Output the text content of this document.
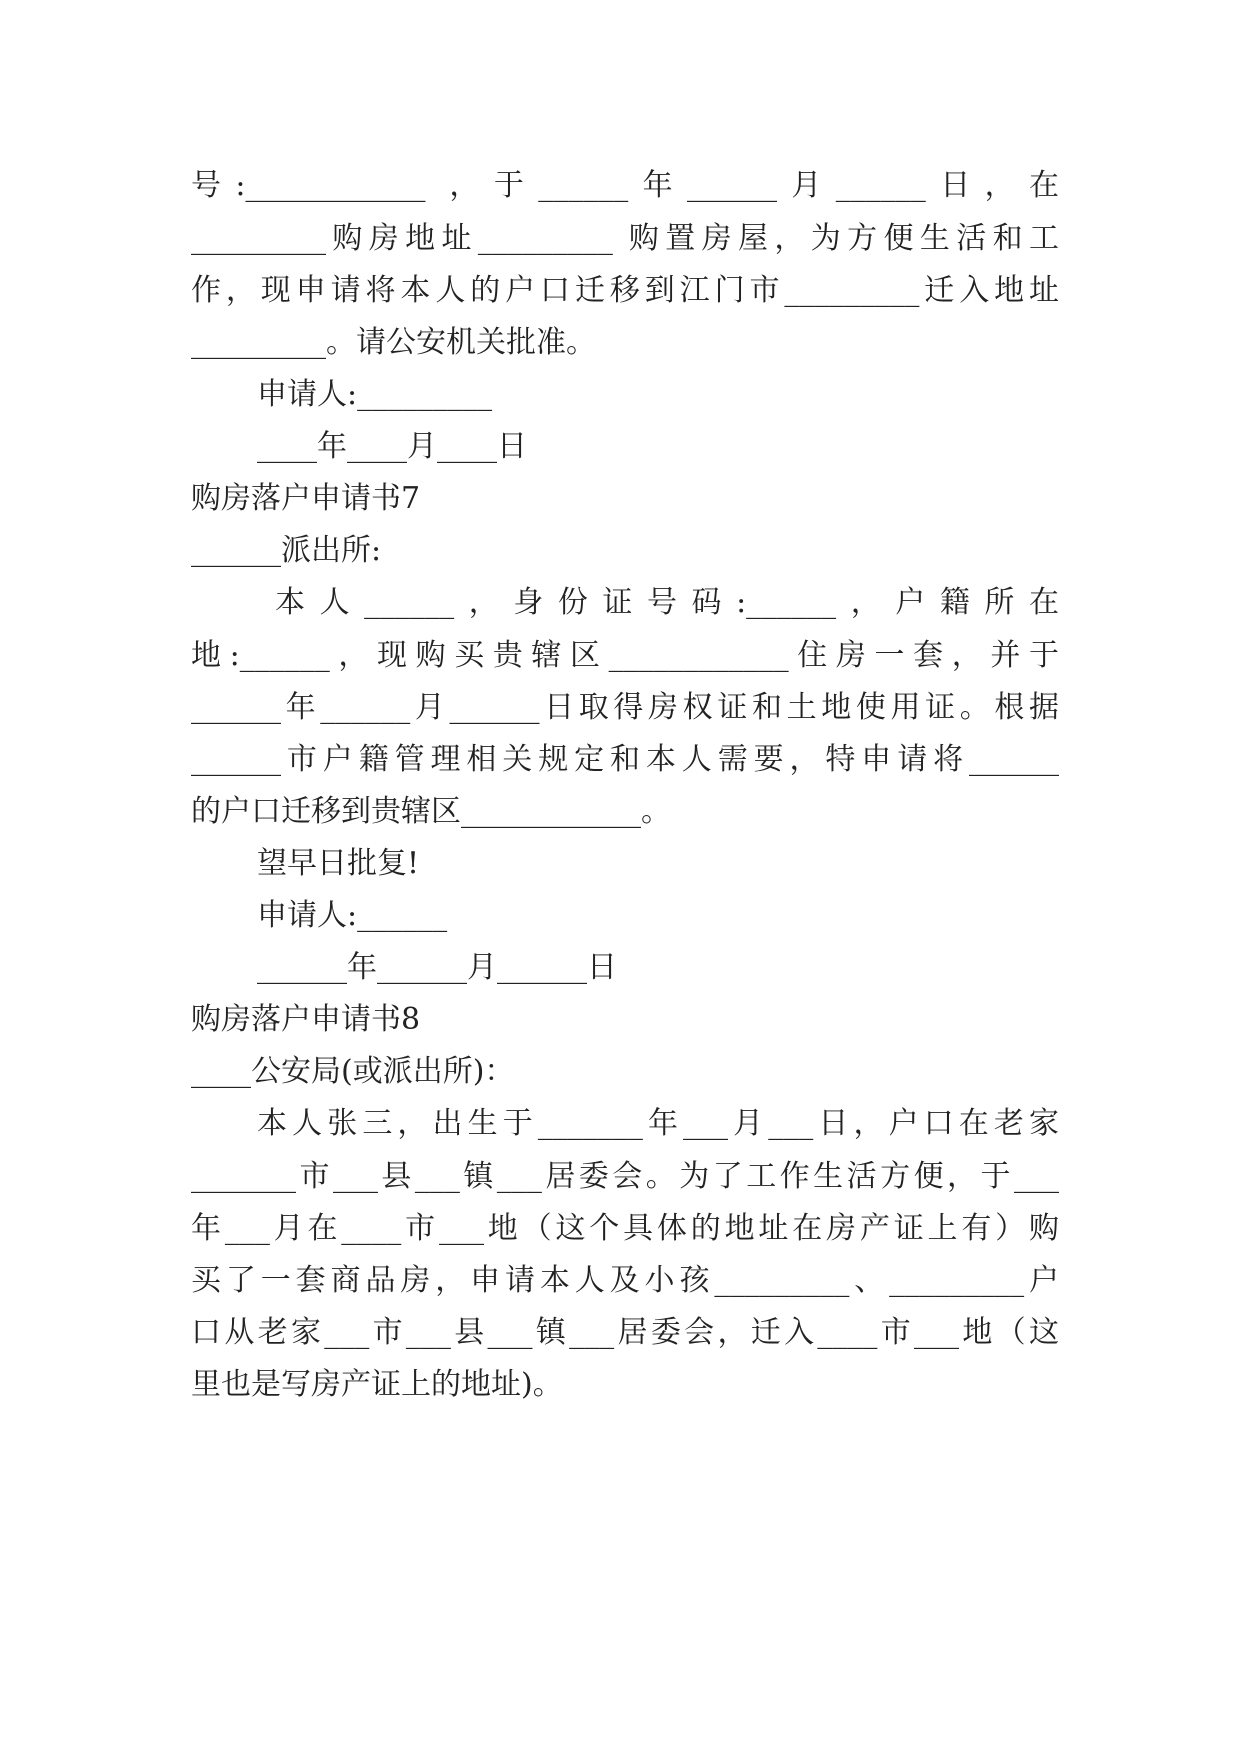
号:____________ ，于______年______月______日，在

_________购房地址_________ 购置房屋，为方便生活和工

作，现申请将本人的户口迁移到江门市_________迁入地址

_________。请公安机关批准。

申请人:_________

____年____月____日

购房落户申请书7

______派出所:

本人______，身份证号码:______，户籍所在

地:______，现购买贵辖区____________住房一套，并于

______年______月______日取得房权证和土地使用证。根据

______市户籍管理相关规定和本人需要，特申请将______

的户口迁移到贵辖区____________。

望早日批复!

申请人:______

______年______月______日

购房落户申请书8

____公安局(或派出所)：

本人张三，出生于_______年___月___日，户口在老家

_______市___县___镇___居委会。为了工作生活方便，于___

年___月在____市___地（这个具体的地址在房产证上有）购

买了一套商品房，申请本人及小孩_________、_________户

口从老家___市___县___镇___居委会，迁入____市___地（这

里也是写房产证上的地址)。
